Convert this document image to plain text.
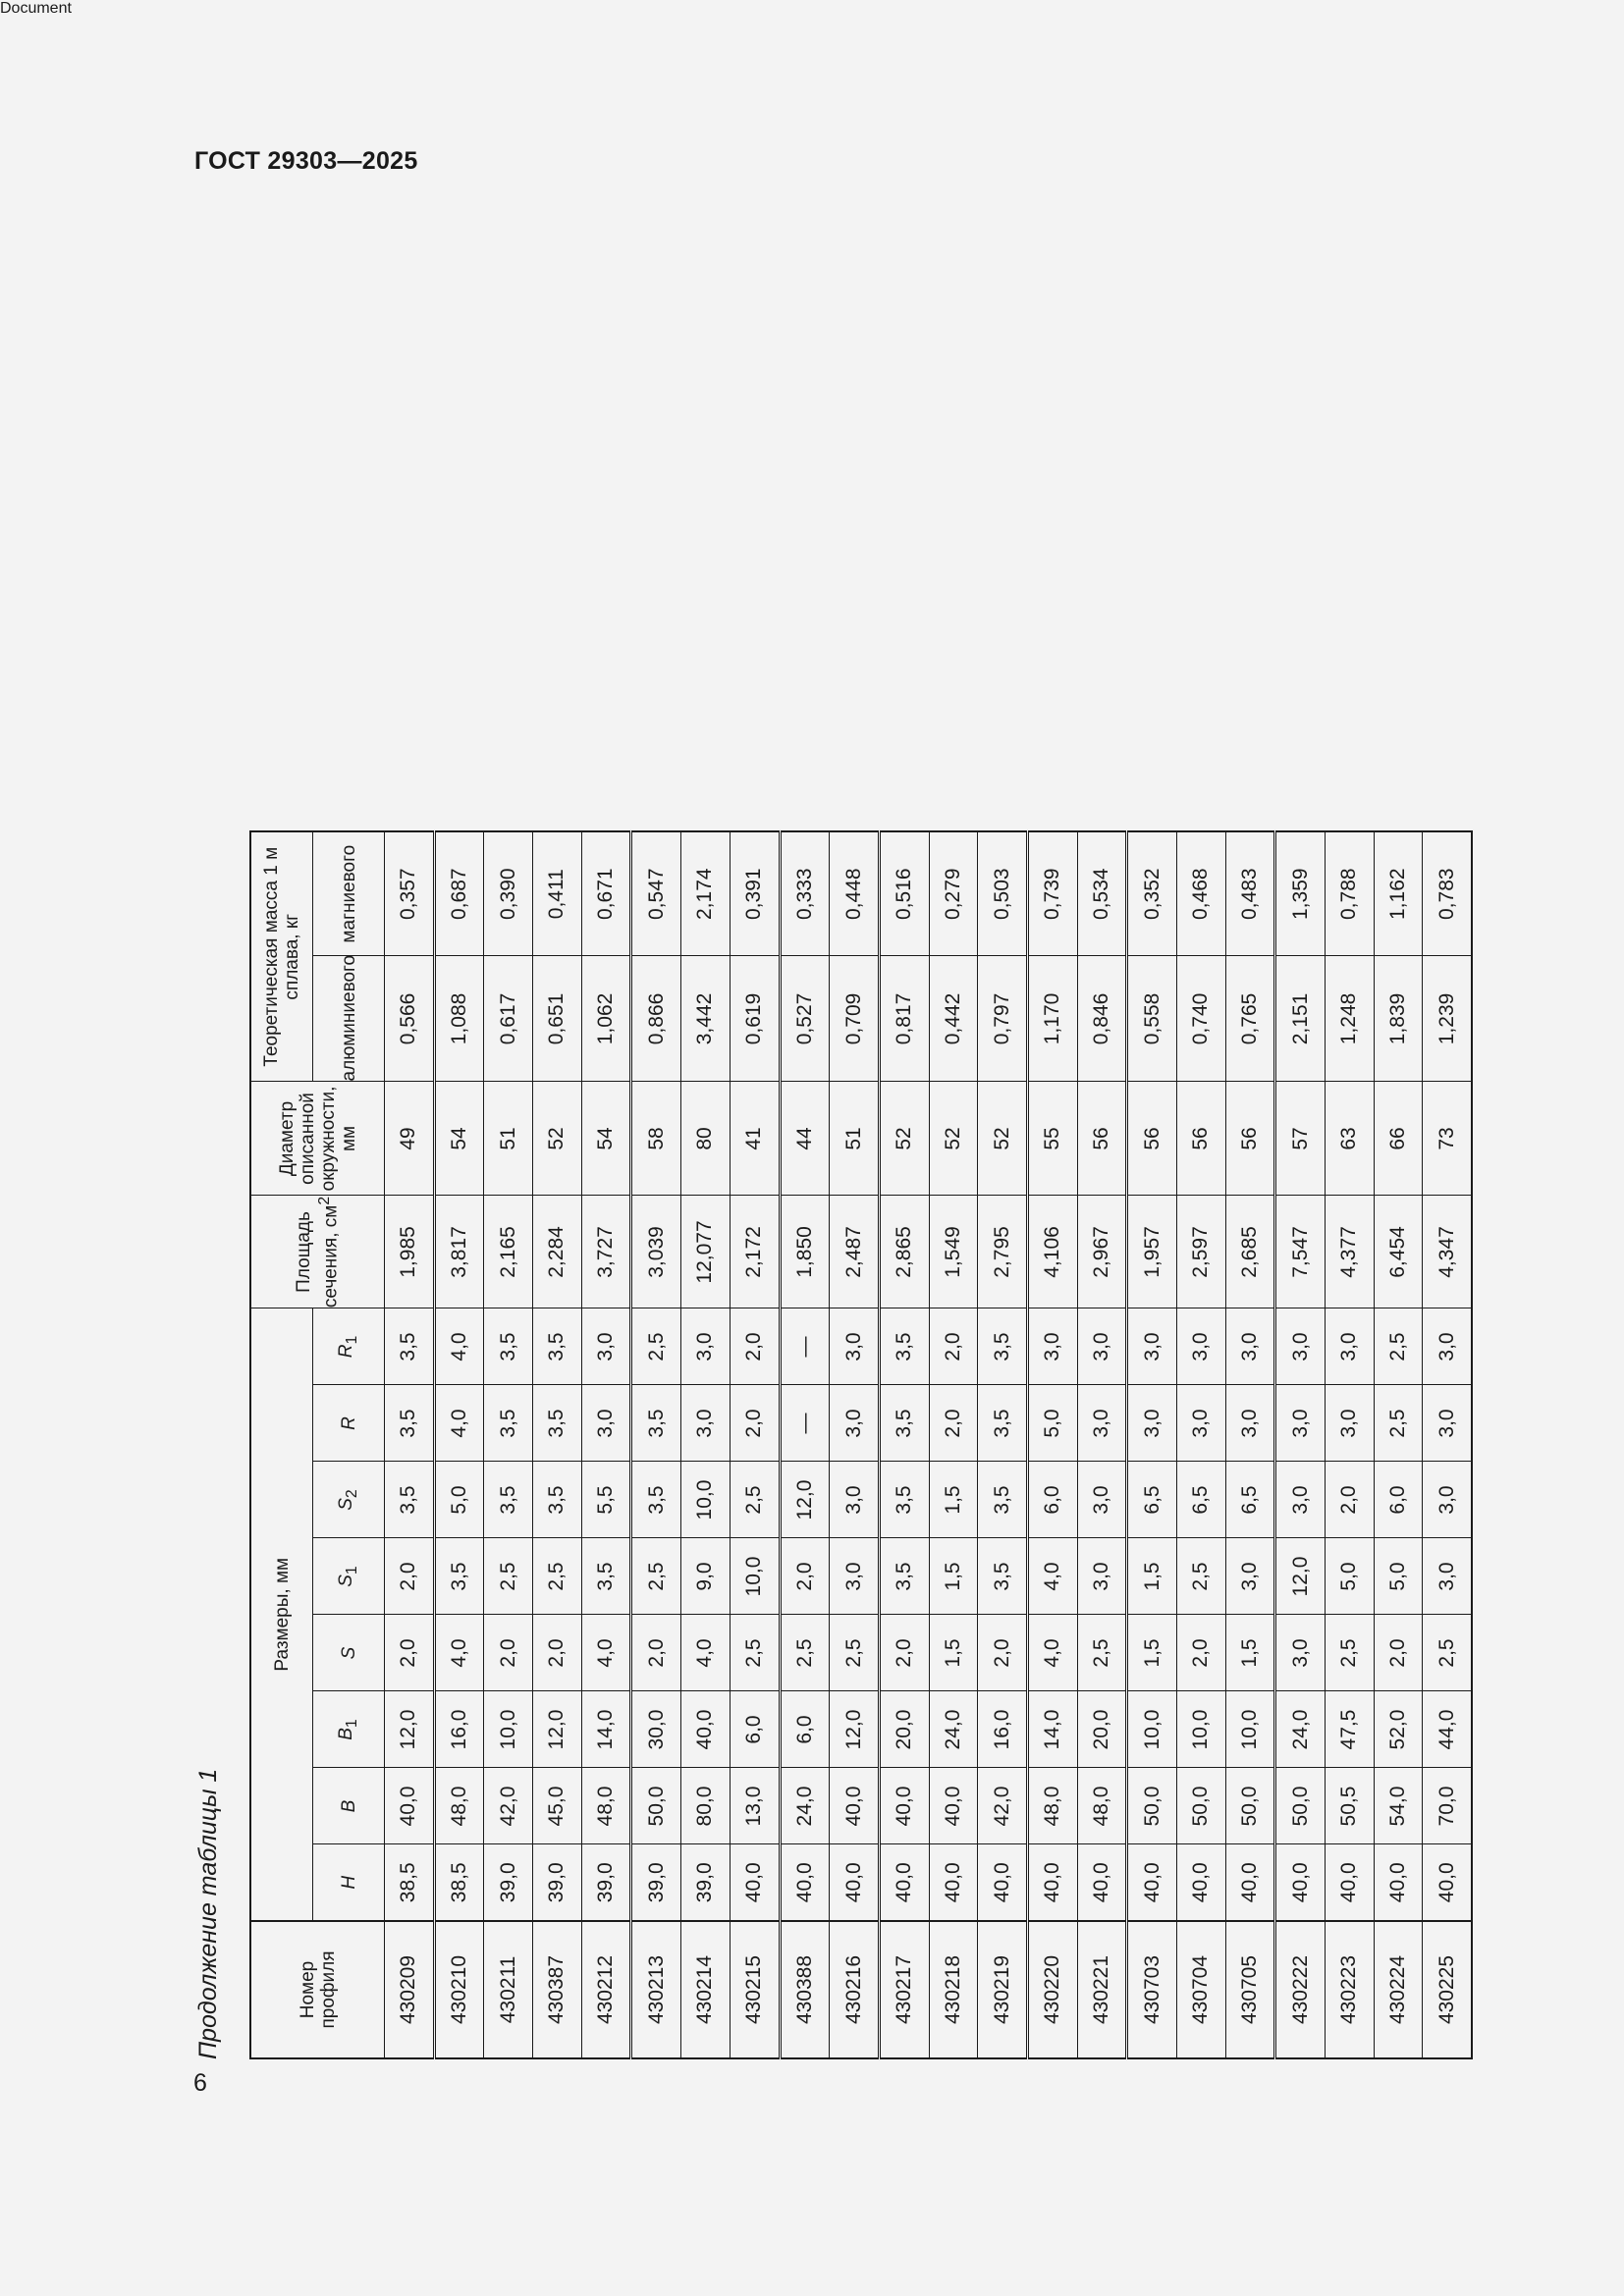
Document
ГОСТ 29303—2025
6
Продолжение таблицы 1	Номер профиля	Размеры, мм								Площадь сечения, $см^2$	Диаметр описанной окружности, мм	Теоретическая масса 1 м сплава, кг	
	H	B	$B_1$	S	$S_1$	$S_2$	R	$R_1$			алюминиевого	магниевого
430209	38,5	40,0	12,0	2,0	2,0	3,5	3,5	3,5	1,985	49	0,566	0,357
430210	38,5	48,0	16,0	4,0	3,5	5,0	4,0	4,0	3,817	54	1,088	0,687
430211	39,0	42,0	10,0	2,0	2,5	3,5	3,5	3,5	2,165	51	0,617	0,390
430387	39,0	45,0	12,0	2,0	2,5	3,5	3,5	3,5	2,284	52	0,651	0,411
430212	39,0	48,0	14,0	4,0	3,5	5,5	3,0	3,0	3,727	54	1,062	0,671
430213	39,0	50,0	30,0	2,0	2,5	3,5	3,5	2,5	3,039	58	0,866	0,547
430214	39,0	80,0	40,0	4,0	9,0	10,0	3,0	3,0	12,077	80	3,442	2,174
430215	40,0	13,0	6,0	2,5	10,0	2,5	2,0	2,0	2,172	41	0,619	0,391
430388	40,0	24,0	6,0	2,5	2,0	12,0	—	—	1,850	44	0,527	0,333
430216	40,0	40,0	12,0	2,5	3,0	3,0	3,0	3,0	2,487	51	0,709	0,448
430217	40,0	40,0	20,0	2,0	3,5	3,5	3,5	3,5	2,865	52	0,817	0,516
430218	40,0	40,0	24,0	1,5	1,5	1,5	2,0	2,0	1,549	52	0,442	0,279
430219	40,0	42,0	16,0	2,0	3,5	3,5	3,5	3,5	2,795	52	0,797	0,503
430220	40,0	48,0	14,0	4,0	4,0	6,0	5,0	3,0	4,106	55	1,170	0,739
430221	40,0	48,0	20,0	2,5	3,0	3,0	3,0	3,0	2,967	56	0,846	0,534
430703	40,0	50,0	10,0	1,5	1,5	6,5	3,0	3,0	1,957	56	0,558	0,352
430704	40,0	50,0	10,0	2,0	2,5	6,5	3,0	3,0	2,597	56	0,740	0,468
430705	40,0	50,0	10,0	1,5	3,0	6,5	3,0	3,0	2,685	56	0,765	0,483
430222	40,0	50,0	24,0	3,0	12,0	3,0	3,0	3,0	7,547	57	2,151	1,359
430223	40,0	50,5	47,5	2,5	5,0	2,0	3,0	3,0	4,377	63	1,248	0,788
430224	40,0	54,0	52,0	2,0	5,0	6,0	2,5	2,5	6,454	66	1,839	1,162
430225	40,0	70,0	44,0	2,5	3,0	3,0	3,0	3,0	4,347	73	1,239	0,783
